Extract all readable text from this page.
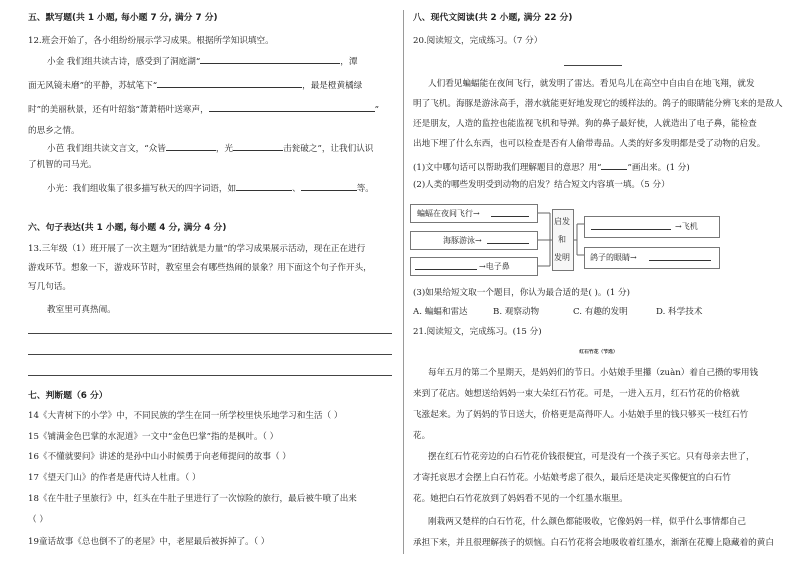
五、默写题(共 1 小题, 每小题 7 分, 满分 7 分)
12.班会开始了，各小组纷纷展示学习成果。根据所学知识填空。
小金 我们组共读古诗，感受到了洞庭湖“	，潭
面无风镜未磨”的平静，苏轼笔下“	，最是橙黄橘绿
时”的美丽秋景，还有叶绍翁“萧萧梧叶送寒声，	”
的思乡之情。
小芭 我们组共读文言文，“众皆	，光	击瓮破之”，让我们认识
了机智的司马光。
小光：我们组收集了很多描写秋天的四字词语，如	、	等。
六、句子表达(共 1 小题, 每小题 4 分, 满分 4 分)
13.三年级（1）班开展了一次主题为“团结就是力量”的学习成果展示活动，现在正在进行
游戏环节。想象一下，游戏环节时，教室里会有哪些热闹的景象？用下面这个句子作开头，
写几句话。
教室里可真热闹。
七、判断题（6 分）
14《大青树下的小学》中，不同民族的学生在同一所学校里快乐地学习和生活（ ）
15《铺满金色巴掌的水泥道》一文中“金色巴掌”指的是枫叶。（ ）
16《不懂就要问》讲述的是孙中山小时候勇于向老师提问的故事（ ）
17《望天门山》的作者是唐代诗人杜甫。（ ）
18《在牛肚子里旅行》中，红头在牛肚子里进行了一次惊险的旅行，最后被牛喷了出来
（ ）
19童话故事《总也倒不了的老屋》中，老屋最后被拆掉了。（ ）
八、现代文阅读(共 2 小题, 满分 22 分)
20.阅读短文，完成练习。（7 分）
人们看见蝙蝠能在夜间飞行，就发明了雷达。看见鸟儿在高空中自由自在地飞翔，就发
明了飞机。海豚是游泳高手，潜水就能更好地发现它的缓样法的。鸽子的眼睛能分辨飞来的是敌人
还是朋友，人造的监控也能监视飞机和导弹。狗的鼻子最好使，人就造出了电子鼻，能检查
出地下埋了什么东西，也可以检查是否有人偷带毒品。人类的好多发明都是受了动物的启发。
(1)文中哪句话可以帮助我们理解题目的意思？用“	”画出来。(1 分)
(2)人类的哪些发明受到动物的启发？结合短文内容填一填。（5 分）
蝙蝠在夜间飞行→
海豚游泳→
→电子鼻
启发
和
发明
→飞机
鸽子的眼睛→
(3)如果给短文取一个题目，你认为最合适的是( )。(1 分)
A. 蝙蝠和雷达	B. 观察动物	C. 有趣的发明	D. 科学技术
21.阅读短文，完成练习。(15 分)
红石竹花（节选）
每年五月的第二个星期天，是妈妈们的节日。小姑娘手里攥（zuàn）着自己攒的零用钱
来到了花店。她想送给妈妈一束大朵红石竹花。可是，一进入五月，红石竹花的价格就
飞涨起来。为了妈妈的节日送大，价格更是高得吓人。小姑娘手里的钱只够买一枝红石竹
花。
摆在红石竹花旁边的白石竹花价钱很便宜，可是没有一个孩子买它。只有母亲去世了，
才寄托哀思才会摆上白石竹花。小姑娘考虑了很久，最后还是决定买像便宜的白石竹
花。她把白石竹花放到了妈妈看不见的一个红墨水瓶里。
刚栽两又楚样的白石竹花，什么颜色都能吸收，它像妈妈一样，似乎什么事情都自己
承担下来，并且很理解孩子的烦恼。白石竹花将会地吸收着红墨水，渐渐在花瓣上隐藏着的黄白
